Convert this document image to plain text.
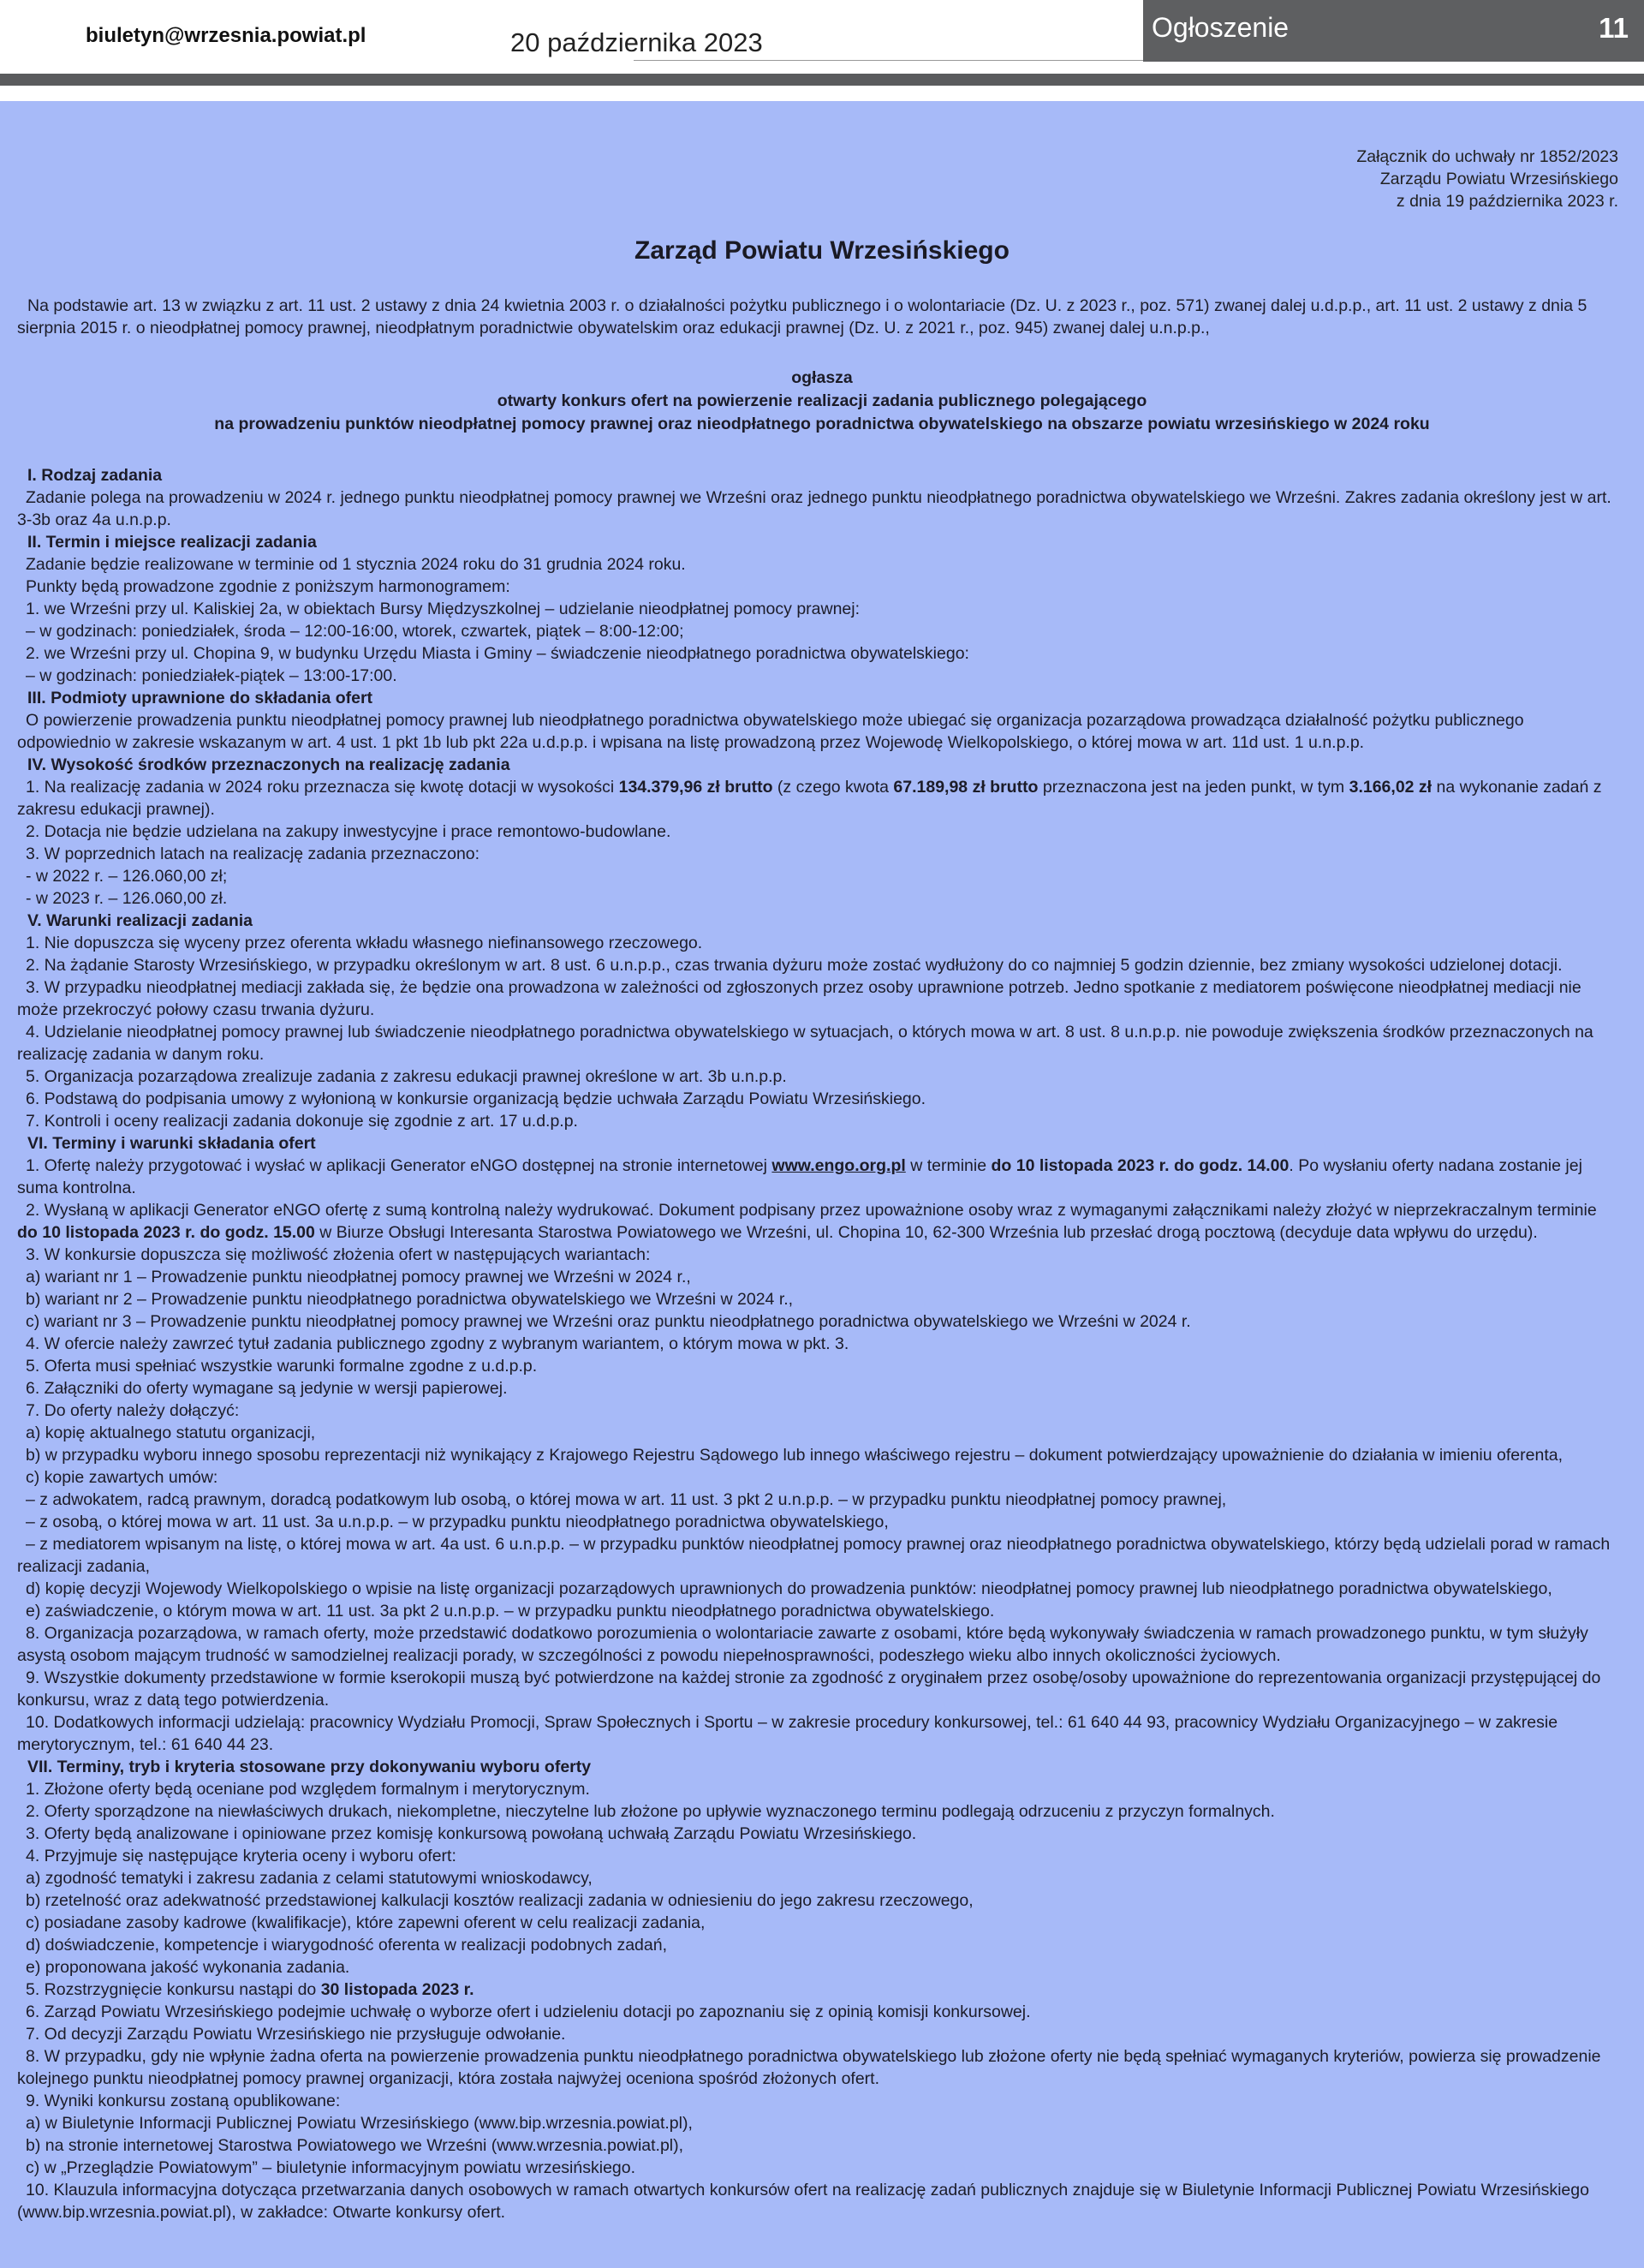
biuletyn@wrzesnia.powiat.pl	20 października 2023	Ogłoszenie	11
Załącznik do uchwały nr 1852/2023
Zarządu Powiatu Wrzesińskiego
z dnia 19 października 2023 r.
Zarząd Powiatu Wrzesińskiego
Na podstawie art. 13 w związku z art. 11 ust. 2 ustawy z dnia 24 kwietnia 2003 r. o działalności pożytku publicznego i o wolontariacie (Dz. U. z 2023 r., poz. 571) zwanej dalej u.d.p.p., art. 11 ust. 2 ustawy z dnia 5 sierpnia 2015 r. o nieodpłatnej pomocy prawnej, nieodpłatnym poradnictwie obywatelskim oraz edukacji prawnej (Dz. U. z 2021 r., poz. 945) zwanej dalej u.n.p.p.,
ogłasza
otwarty konkurs ofert na powierzenie realizacji zadania publicznego polegającego
na prowadzeniu punktów nieodpłatnej pomocy prawnej oraz nieodpłatnego poradnictwa obywatelskiego na obszarze powiatu wrzesińskiego w 2024 roku

I. Rodzaj zadania

Zadanie polega na prowadzeniu w 2024 r. jednego punktu nieodpłatnej pomocy prawnej we Wrześni oraz jednego punktu nieodpłatnego poradnictwa obywatelskiego we Wrześni. Zakres zadania określony jest w art. 3-3b oraz 4a u.n.p.p.

II. Termin i miejsce realizacji zadania

Zadanie będzie realizowane w terminie od 1 stycznia 2024 roku do 31 grudnia 2024 roku.

Punkty będą prowadzone zgodnie z poniższym harmonogramem:

1. we Wrześni przy ul. Kaliskiej 2a, w obiektach Bursy Międzyszkolnej – udzielanie nieodpłatnej pomocy prawnej:

– w godzinach: poniedziałek, środa – 12:00-16:00, wtorek, czwartek, piątek – 8:00-12:00;

2. we Wrześni przy ul. Chopina 9, w budynku Urzędu Miasta i Gminy – świadczenie nieodpłatnego poradnictwa obywatelskiego:

– w godzinach: poniedziałek-piątek – 13:00-17:00.

III. Podmioty uprawnione do składania ofert

O powierzenie prowadzenia punktu nieodpłatnej pomocy prawnej lub nieodpłatnego poradnictwa obywatelskiego może ubiegać się organizacja pozarządowa prowadząca działalność pożytku publicznego odpowiednio w zakresie wskazanym w art. 4 ust. 1 pkt 1b lub pkt 22a u.d.p.p. i wpisana na listę prowadzoną przez Wojewodę Wielkopolskiego, o której mowa w art. 11d ust. 1 u.n.p.p.

IV. Wysokość środków przeznaczonych na realizację zadania

1. Na realizację zadania w 2024 roku przeznacza się kwotę dotacji w wysokości 134.379,96 zł brutto (z czego kwota 67.189,98 zł brutto przeznaczona jest na jeden punkt, w tym 3.166,02 zł na wykonanie zadań z zakresu edukacji prawnej).

2. Dotacja nie będzie udzielana na zakupy inwestycyjne i prace remontowo-budowlane.

3. W poprzednich latach na realizację zadania przeznaczono:

- w 2022 r. – 126.060,00 zł;

- w 2023 r. – 126.060,00 zł.

V. Warunki realizacji zadania

1. Nie dopuszcza się wyceny przez oferenta wkładu własnego niefinansowego rzeczowego.

2. Na żądanie Starosty Wrzesińskiego, w przypadku określonym w art. 8 ust. 6 u.n.p.p., czas trwania dyżuru może zostać wydłużony do co najmniej 5 godzin dziennie, bez zmiany wysokości udzielonej dotacji.

3. W przypadku nieodpłatnej mediacji zakłada się, że będzie ona prowadzona w zależności od zgłoszonych przez osoby uprawnione potrzeb. Jedno spotkanie z mediatorem poświęcone nieodpłatnej mediacji nie może przekroczyć połowy czasu trwania dyżuru.

4. Udzielanie nieodpłatnej pomocy prawnej lub świadczenie nieodpłatnego poradnictwa obywatelskiego w sytuacjach, o których mowa w art. 8 ust. 8 u.n.p.p. nie powoduje zwiększenia środków przeznaczonych na realizację zadania w danym roku.

5. Organizacja pozarządowa zrealizuje zadania z zakresu edukacji prawnej określone w art. 3b u.n.p.p.

6. Podstawą do podpisania umowy z wyłonioną w konkursie organizacją będzie uchwała Zarządu Powiatu Wrzesińskiego.

7. Kontroli i oceny realizacji zadania dokonuje się zgodnie z art. 17 u.d.p.p.

VI. Terminy i warunki składania ofert

1. Ofertę należy przygotować i wysłać w aplikacji Generator eNGO dostępnej na stronie internetowej www.engo.org.pl w terminie do 10 listopada 2023 r. do godz. 14.00. Po wysłaniu oferty nadana zostanie jej suma kontrolna.

2. Wysłaną w aplikacji Generator eNGO ofertę z sumą kontrolną należy wydrukować. Dokument podpisany przez upoważnione osoby wraz z wymaganymi załącznikami należy złożyć w nieprzekraczalnym terminie do 10 listopada 2023 r. do godz. 15.00 w Biurze Obsługi Interesanta Starostwa Powiatowego we Wrześni, ul. Chopina 10, 62-300 Września lub przesłać drogą pocztową (decyduje data wpływu do urzędu).

3. W konkursie dopuszcza się możliwość złożenia ofert w następujących wariantach:

a) wariant nr 1 – Prowadzenie punktu nieodpłatnej pomocy prawnej we Wrześni w 2024 r.,

b) wariant nr 2 – Prowadzenie punktu nieodpłatnego poradnictwa obywatelskiego we Wrześni w 2024 r.,

c) wariant nr 3 – Prowadzenie punktu nieodpłatnej pomocy prawnej we Wrześni oraz punktu nieodpłatnego poradnictwa obywatelskiego we Wrześni w 2024 r.

4. W ofercie należy zawrzeć tytuł zadania publicznego zgodny z wybranym wariantem, o którym mowa w pkt. 3.

5. Oferta musi spełniać wszystkie warunki formalne zgodne z u.d.p.p.

6. Załączniki do oferty wymagane są jedynie w wersji papierowej.

7. Do oferty należy dołączyć:

a) kopię aktualnego statutu organizacji,

b) w przypadku wyboru innego sposobu reprezentacji niż wynikający z Krajowego Rejestru Sądowego lub innego właściwego rejestru – dokument potwierdzający upoważnienie do działania w imieniu oferenta,

c) kopie zawartych umów:

– z adwokatem, radcą prawnym, doradcą podatkowym lub osobą, o której mowa w art. 11 ust. 3 pkt 2 u.n.p.p. – w przypadku punktu nieodpłatnej pomocy prawnej,

– z osobą, o której mowa w art. 11 ust. 3a u.n.p.p. – w przypadku punktu nieodpłatnego poradnictwa obywatelskiego,

– z mediatorem wpisanym na listę, o której mowa w art. 4a ust. 6 u.n.p.p. – w przypadku punktów nieodpłatnej pomocy prawnej oraz nieodpłatnego poradnictwa obywatelskiego, którzy będą udzielali porad w ramach realizacji zadania,

d) kopię decyzji Wojewody Wielkopolskiego o wpisie na listę organizacji pozarządowych uprawnionych do prowadzenia punktów: nieodpłatnej pomocy prawnej lub nieodpłatnego poradnictwa obywatelskiego,

e) zaświadczenie, o którym mowa w art. 11 ust. 3a pkt 2 u.n.p.p. – w przypadku punktu nieodpłatnego poradnictwa obywatelskiego.

8. Organizacja pozarządowa, w ramach oferty, może przedstawić dodatkowo porozumienia o wolontariacie zawarte z osobami, które będą wykonywały świadczenia w ramach prowadzonego punktu, w tym służyły asystą osobom mającym trudność w samodzielnej realizacji porady, w szczególności z powodu niepełnosprawności, podeszłego wieku albo innych okoliczności życiowych.

9. Wszystkie dokumenty przedstawione w formie kserokopii muszą być potwierdzone na każdej stronie za zgodność z oryginałem przez osobę/osoby upoważnione do reprezentowania organizacji przystępującej do konkursu, wraz z datą tego potwierdzenia.

10. Dodatkowych informacji udzielają: pracownicy Wydziału Promocji, Spraw Społecznych i Sportu – w zakresie procedury konkursowej, tel.: 61 640 44 93, pracownicy Wydziału Organizacyjnego – w zakresie merytorycznym, tel.: 61 640 44 23.

VII. Terminy, tryb i kryteria stosowane przy dokonywaniu wyboru oferty

1. Złożone oferty będą oceniane pod względem formalnym i merytorycznym.

2. Oferty sporządzone na niewłaściwych drukach, niekompletne, nieczytelne lub złożone po upływie wyznaczonego terminu podlegają odrzuceniu z przyczyn formalnych.

3. Oferty będą analizowane i opiniowane przez komisję konkursową powołaną uchwałą Zarządu Powiatu Wrzesińskiego.

4. Przyjmuje się następujące kryteria oceny i wyboru ofert:

a) zgodność tematyki i zakresu zadania z celami statutowymi wnioskodawcy,

b) rzetelność oraz adekwatność przedstawionej kalkulacji kosztów realizacji zadania w odniesieniu do jego zakresu rzeczowego,

c) posiadane zasoby kadrowe (kwalifikacje), które zapewni oferent w celu realizacji zadania,

d) doświadczenie, kompetencje i wiarygodność oferenta w realizacji podobnych zadań,

e) proponowana jakość wykonania zadania.

5. Rozstrzygnięcie konkursu nastąpi do 30 listopada 2023 r.

6. Zarząd Powiatu Wrzesińskiego podejmie uchwałę o wyborze ofert i udzieleniu dotacji po zapoznaniu się z opinią komisji konkursowej.

7. Od decyzji Zarządu Powiatu Wrzesińskiego nie przysługuje odwołanie.

8. W przypadku, gdy nie wpłynie żadna oferta na powierzenie prowadzenia punktu nieodpłatnego poradnictwa obywatelskiego lub złożone oferty nie będą spełniać wymaganych kryteriów, powierza się prowadzenie kolejnego punktu nieodpłatnej pomocy prawnej organizacji, która została najwyżej oceniona spośród złożonych ofert.

9. Wyniki konkursu zostaną opublikowane:

a) w Biuletynie Informacji Publicznej Powiatu Wrzesińskiego (www.bip.wrzesnia.powiat.pl),

b) na stronie internetowej Starostwa Powiatowego we Wrześni (www.wrzesnia.powiat.pl),

c) w „Przeglądzie Powiatowym” – biuletynie informacyjnym powiatu wrzesińskiego.

10. Klauzula informacyjna dotycząca przetwarzania danych osobowych w ramach otwartych konkursów ofert na realizację zadań publicznych znajduje się w Biuletynie Informacji Publicznej Powiatu Wrzesińskiego (www.bip.wrzesnia.powiat.pl), w zakładce: Otwarte konkursy ofert.
